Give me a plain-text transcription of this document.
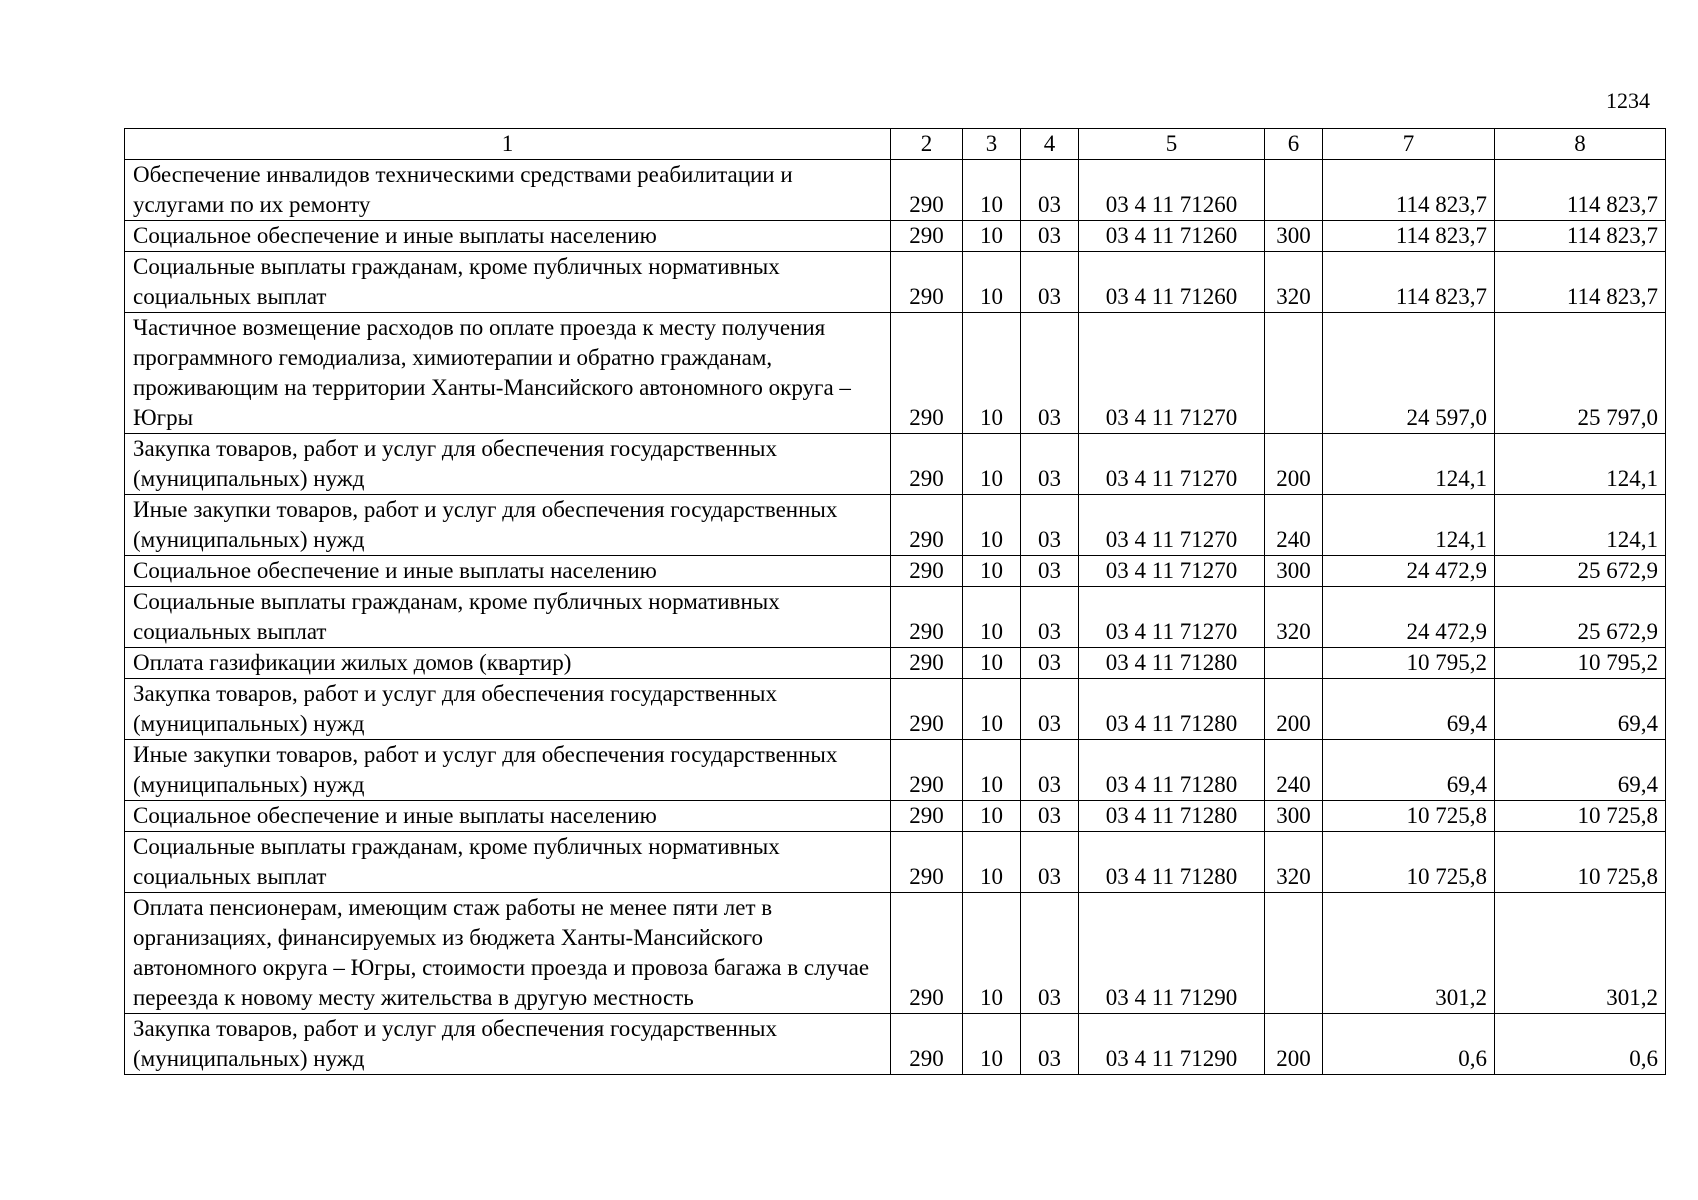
1234
1	2	3	4	5	6	7	8
Обеспечение инвалидов техническими средствами реабилитации и услугами по их ремонту	290	10	03	03 4 11 71260		114 823,7	114 823,7
Социальное обеспечение и иные выплаты населению	290	10	03	03 4 11 71260	300	114 823,7	114 823,7
Социальные выплаты гражданам, кроме публичных нормативных социальных выплат	290	10	03	03 4 11 71260	320	114 823,7	114 823,7
Частичное возмещение расходов по оплате проезда к месту получения программного гемодиализа, химиотерапии и обратно гражданам, проживающим на территории Ханты-Мансийского автономного округа – Югры	290	10	03	03 4 11 71270		24 597,0	25 797,0
Закупка товаров, работ и услуг для обеспечения государственных (муниципальных) нужд	290	10	03	03 4 11 71270	200	124,1	124,1
Иные закупки товаров, работ и услуг для обеспечения государственных (муниципальных) нужд	290	10	03	03 4 11 71270	240	124,1	124,1
Социальное обеспечение и иные выплаты населению	290	10	03	03 4 11 71270	300	24 472,9	25 672,9
Социальные выплаты гражданам, кроме публичных нормативных социальных выплат	290	10	03	03 4 11 71270	320	24 472,9	25 672,9
Оплата газификации жилых домов (квартир)	290	10	03	03 4 11 71280		10 795,2	10 795,2
Закупка товаров, работ и услуг для обеспечения государственных (муниципальных) нужд	290	10	03	03 4 11 71280	200	69,4	69,4
Иные закупки товаров, работ и услуг для обеспечения государственных (муниципальных) нужд	290	10	03	03 4 11 71280	240	69,4	69,4
Социальное обеспечение и иные выплаты населению	290	10	03	03 4 11 71280	300	10 725,8	10 725,8
Социальные выплаты гражданам, кроме публичных нормативных социальных выплат	290	10	03	03 4 11 71280	320	10 725,8	10 725,8
Оплата пенсионерам, имеющим стаж работы не менее пяти лет в организациях, финансируемых из бюджета Ханты-Мансийского автономного округа – Югры, стоимости проезда и провоза багажа в случае переезда к новому месту жительства в другую местность	290	10	03	03 4 11 71290		301,2	301,2
Закупка товаров, работ и услуг для обеспечения государственных (муниципальных) нужд	290	10	03	03 4 11 71290	200	0,6	0,6
